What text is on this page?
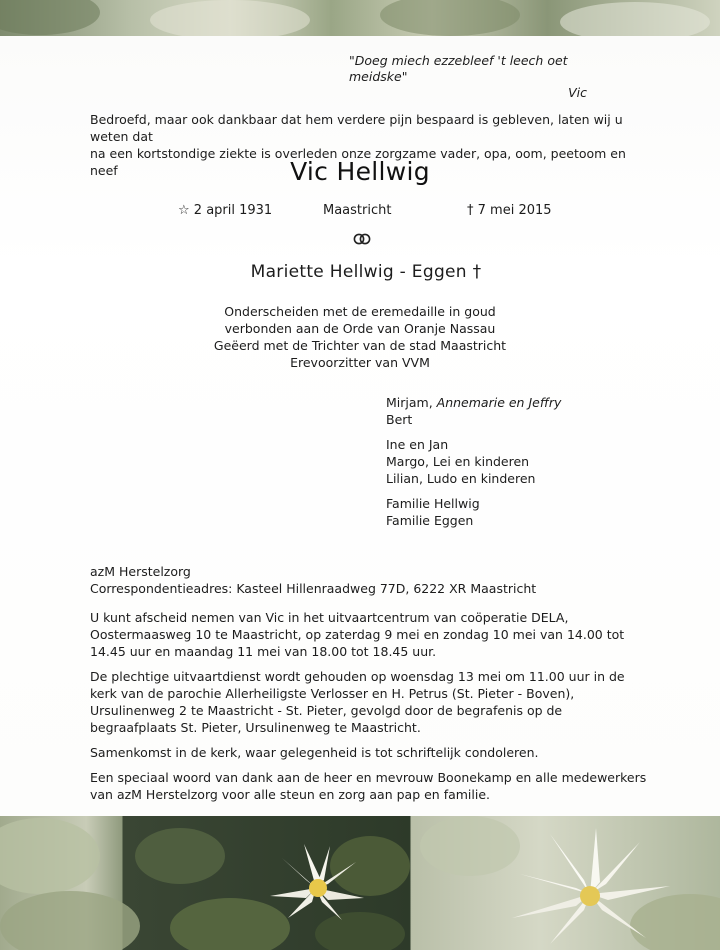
"Doeg miech ezzebleef 't leech oet meidske"
Vic
Bedroefd, maar ook dankbaar dat hem verdere pijn bespaard is gebleven, laten wij u weten dat
na een kortstondige ziekte is overleden onze zorgzame vader, opa, oom, peetoom en neef	Vic Hellwig
☆ 2 april 1931	Maastricht	† 7 mei 2015
Mariette Hellwig - Eggen †
Onderscheiden met de eremedaille in goud
verbonden aan de Orde van Oranje Nassau
Geëerd met de Trichter van de stad Maastricht
Erevoorzitter van VVM
Mirjam, Annemarie en Jeffry
Bert
Ine en Jan
Margo, Lei en kinderen
Lilian, Ludo en kinderen
Familie Hellwig
Familie Eggen
azM Herstelzorg
Correspondentieadres: Kasteel Hillenraadweg 77D, 6222 XR Maastricht

U kunt afscheid nemen van Vic in het uitvaartcentrum van coöperatie DELA, Oostermaasweg 10 te Maastricht, op zaterdag 9 mei en zondag 10 mei van 14.00 tot 14.45 uur en maandag 11 mei van 18.00 tot 18.45 uur.

De plechtige uitvaartdienst wordt gehouden op woensdag 13 mei om 11.00 uur in de kerk van de parochie Allerheiligste Verlosser en H. Petrus (St. Pieter - Boven), Ursulinenweg 2 te Maastricht - St. Pieter, gevolgd door de begrafenis op de begraafplaats St. Pieter, Ursulinenweg te Maastricht.

Samenkomst in de kerk, waar gelegenheid is tot schriftelijk condoleren.

Een speciaal woord van dank aan de heer en mevrouw Boonekamp en alle medewerkers van azM Herstelzorg voor alle steun en zorg aan pap en familie.
